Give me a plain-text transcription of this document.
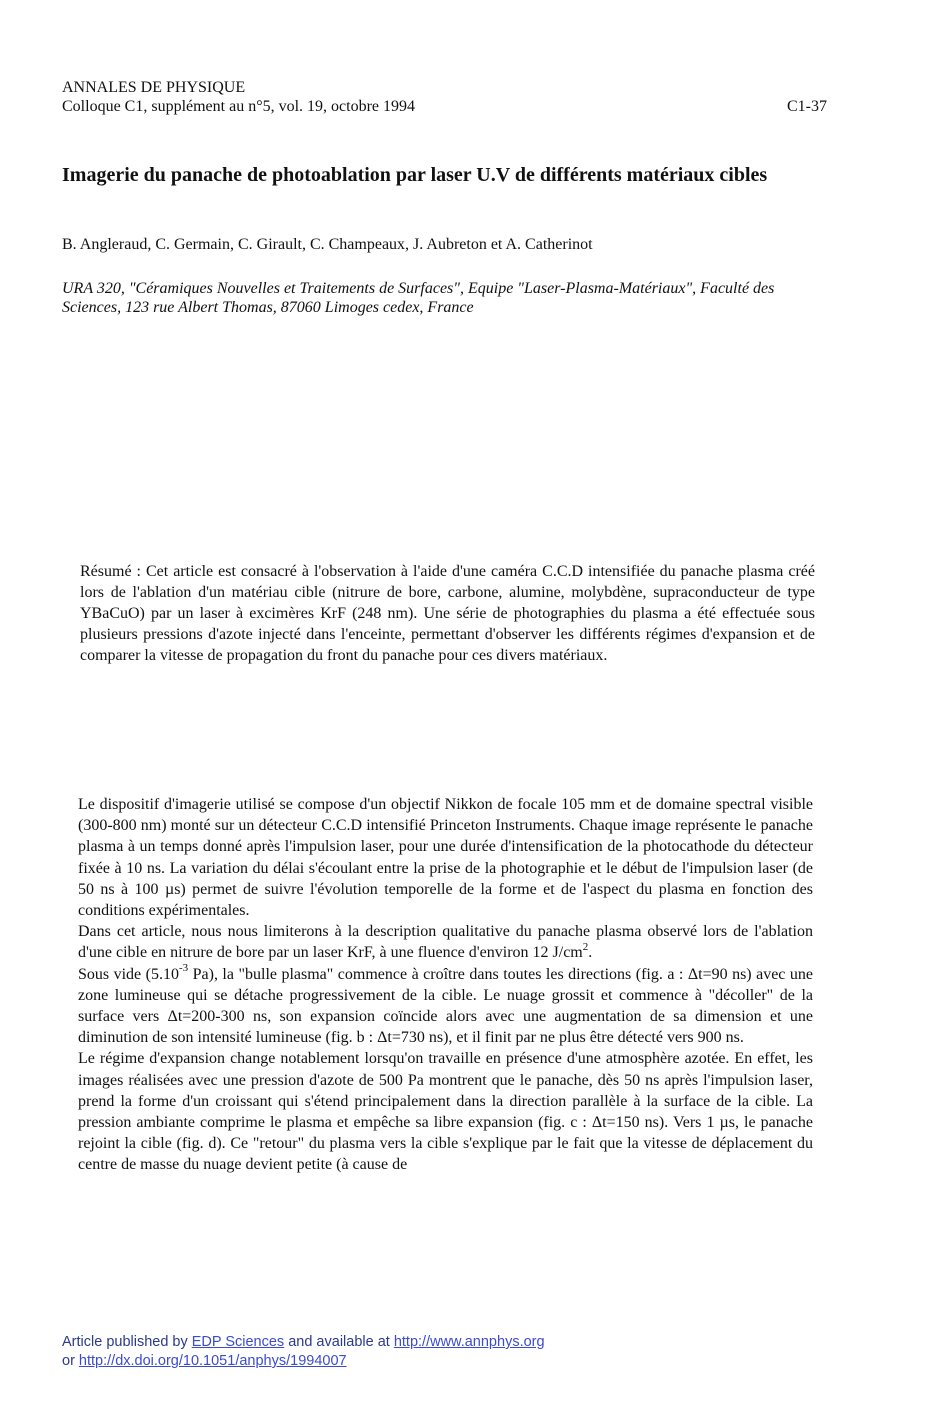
ANNALES DE PHYSIQUE
Colloque C1, supplément au n°5, vol. 19, octobre 1994	C1-37
Imagerie du panache de photoablation par laser U.V de différents matériaux cibles
B. Angleraud, C. Germain, C. Girault, C. Champeaux, J. Aubreton et A. Catherinot
URA 320, "Céramiques Nouvelles et Traitements de Surfaces", Equipe "Laser-Plasma-Matériaux", Faculté des Sciences, 123 rue Albert Thomas, 87060 Limoges cedex, France
Résumé : Cet article est consacré à l'observation à l'aide d'une caméra C.C.D intensifiée du panache plasma créé lors de l'ablation d'un matériau cible (nitrure de bore, carbone, alumine, molybdène, supraconducteur de type YBaCuO) par un laser à excimères KrF (248 nm). Une série de photographies du plasma a été effectuée sous plusieurs pressions d'azote injecté dans l'enceinte, permettant d'observer les différents régimes d'expansion et de comparer la vitesse de propagation du front du panache pour ces divers matériaux.

Le dispositif d'imagerie utilisé se compose d'un objectif Nikkon de focale 105 mm et de domaine spectral visible (300-800 nm) monté sur un détecteur C.C.D intensifié Princeton Instruments. Chaque image représente le panache plasma à un temps donné après l'impulsion laser, pour une durée d'intensification de la photocathode du détecteur fixée à 10 ns. La variation du délai s'écoulant entre la prise de la photographie et le début de l'impulsion laser (de 50 ns à 100 µs) permet de suivre l'évolution temporelle de la forme et de l'aspect du plasma en fonction des conditions expérimentales.

Dans cet article, nous nous limiterons à la description qualitative du panache plasma observé lors de l'ablation d'une cible en nitrure de bore par un laser KrF, à une fluence d'environ 12 $J/cm^2$.

Sous vide ($5.10^{-3}$ Pa), la "bulle plasma" commence à croître dans toutes les directions (fig. a : Δt=90 ns) avec une zone lumineuse qui se détache progressivement de la cible. Le nuage grossit et commence à "décoller" de la surface vers Δt=200-300 ns, son expansion coïncide alors avec une augmentation de sa dimension et une diminution de son intensité lumineuse (fig. b : Δt=730 ns), et il finit par ne plus être détecté vers 900 ns.

Le régime d'expansion change notablement lorsqu'on travaille en présence d'une atmosphère azotée. En effet, les images réalisées avec une pression d'azote de 500 Pa montrent que le panache, dès 50 ns après l'impulsion laser, prend la forme d'un croissant qui s'étend principalement dans la direction parallèle à la surface de la cible. La pression ambiante comprime le plasma et empêche sa libre expansion (fig. c : Δt=150 ns). Vers 1 µs, le panache rejoint la cible (fig. d). Ce "retour" du plasma vers la cible s'explique par le fait que la vitesse de déplacement du centre de masse du nuage devient petite (à cause de

Article published by EDP Sciences and available at http://www.annphys.org
or http://dx.doi.org/10.1051/anphys/1994007
